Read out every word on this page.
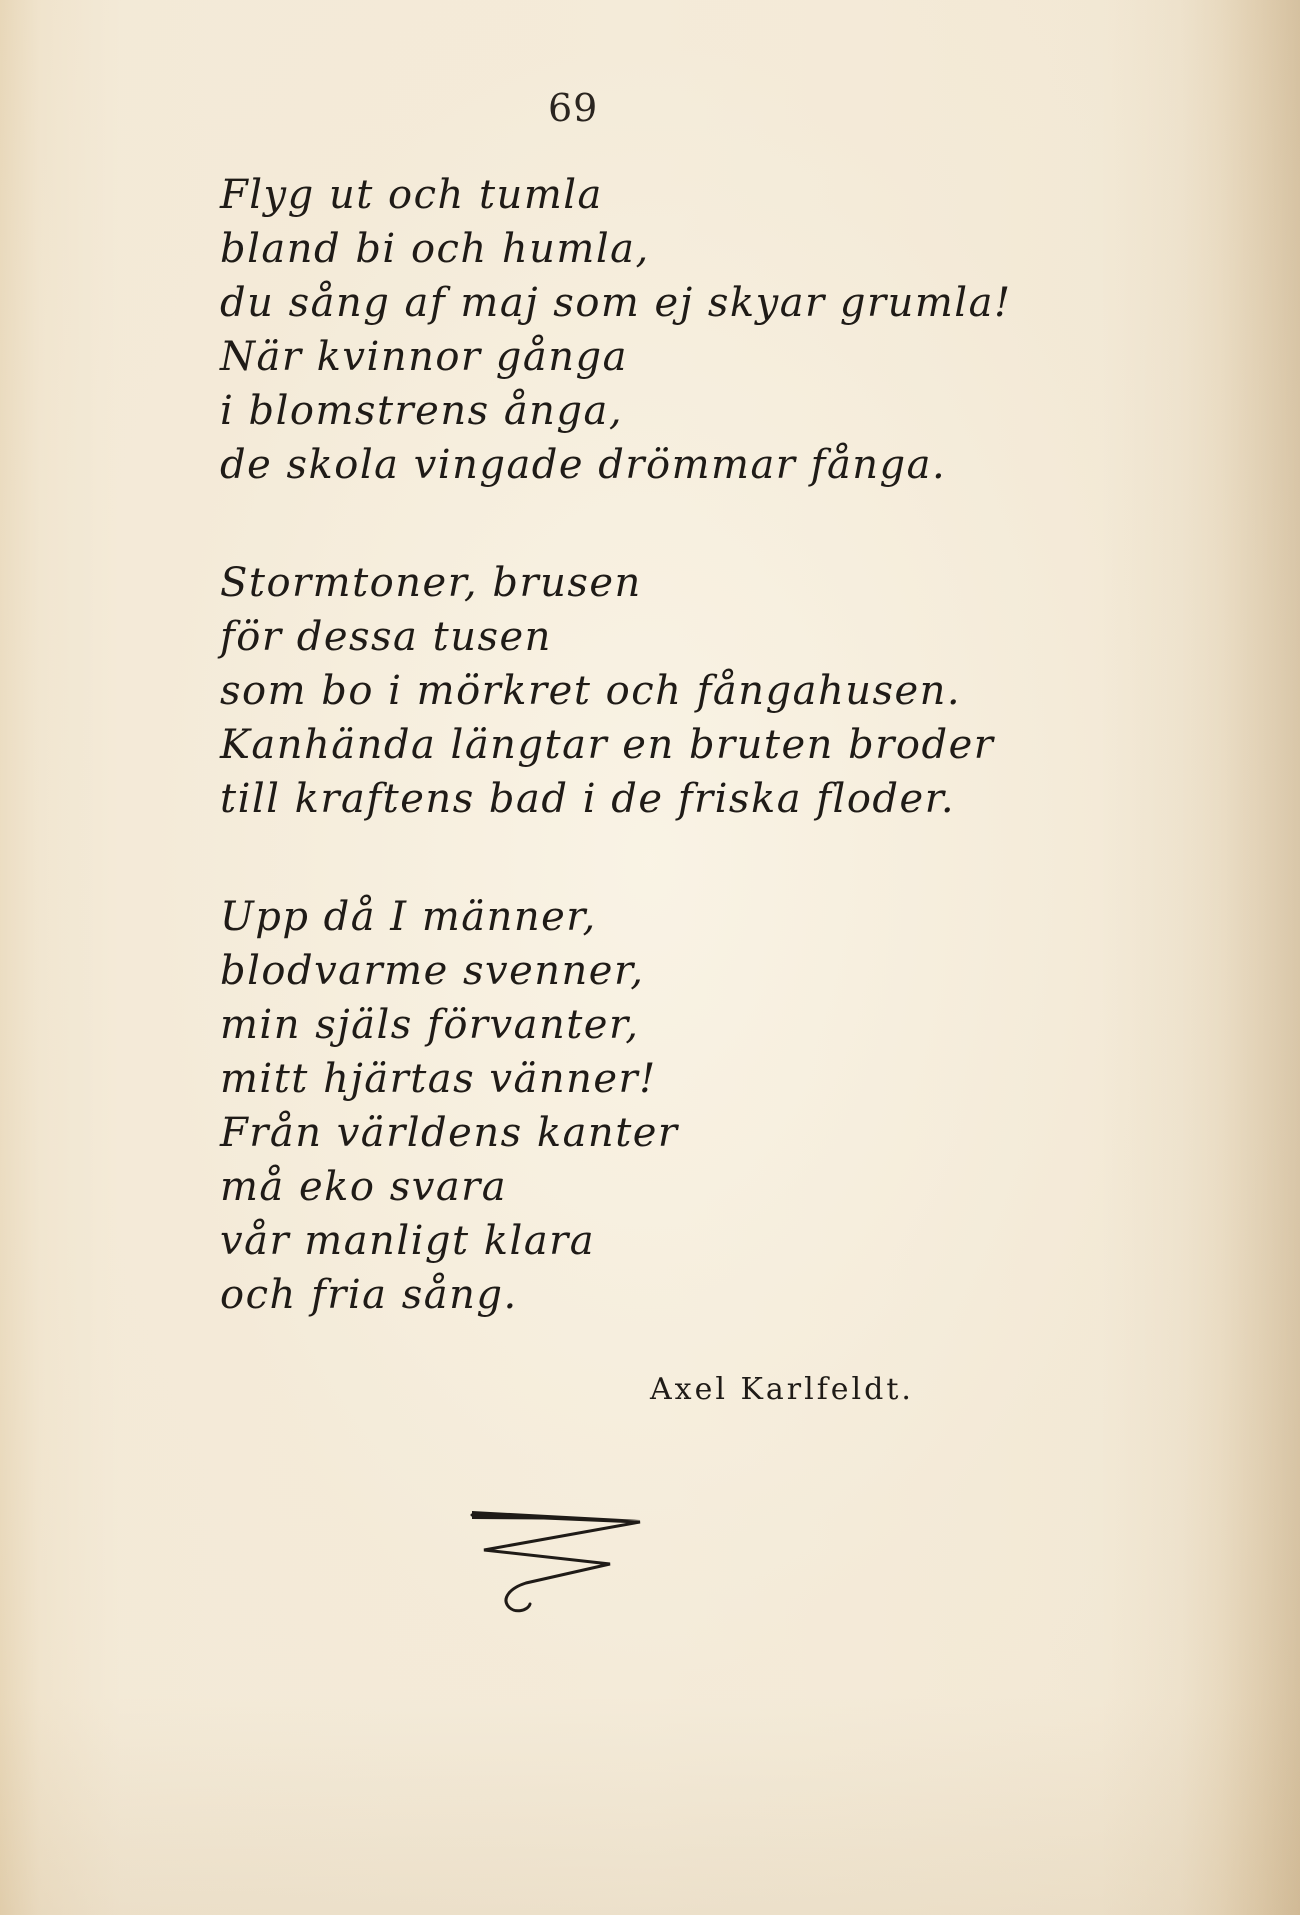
69
Flyg ut och tumla
bland bi och humla,
du sång af maj som ej skyar grumla!
När kvinnor gånga
i blomstrens ånga,
de skola vingade drömmar fånga.
Stormtoner, brusen
för dessa tusen
som bo i mörkret och fångahusen.
Kanhända längtar en bruten broder
till kraftens bad i de friska floder.
Upp då I männer,
blodvarme svenner,
min själs förvanter,
mitt hjärtas vänner!
Från världens kanter
må eko svara
vår manligt klara
och fria sång.
Axel Karlfeldt.
